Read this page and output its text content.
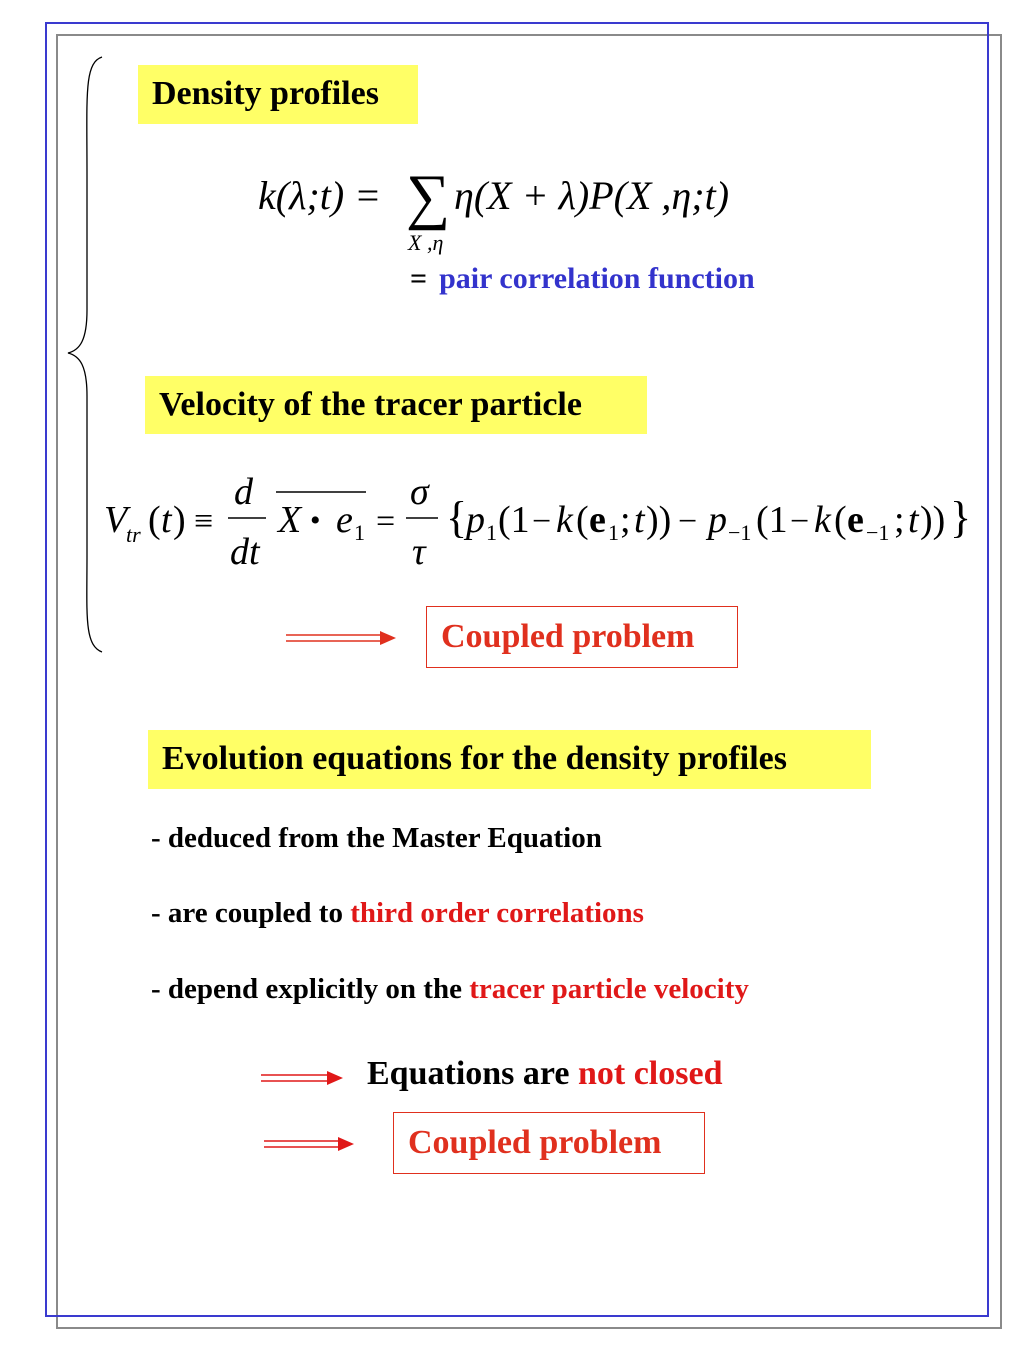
Density profiles
k(λ;t) = ∑
X ,η
η(X + λ)P(X ,η;t)
= pair correlation function
Velocity of the tracer particle
V
tr ( t ) ≡
d
dt
X • e 1 =
σ
τ
{
p 1 (1 − k ( e 1 ; t )) − p −1 (1 − k ( e −1 ; t )) }
Coupled problem
Evolution equations for the density profiles
- deduced from the Master Equation
- are coupled to third order correlations
- depend explicitly on the tracer particle velocity
Equations are not closed
Coupled problem
